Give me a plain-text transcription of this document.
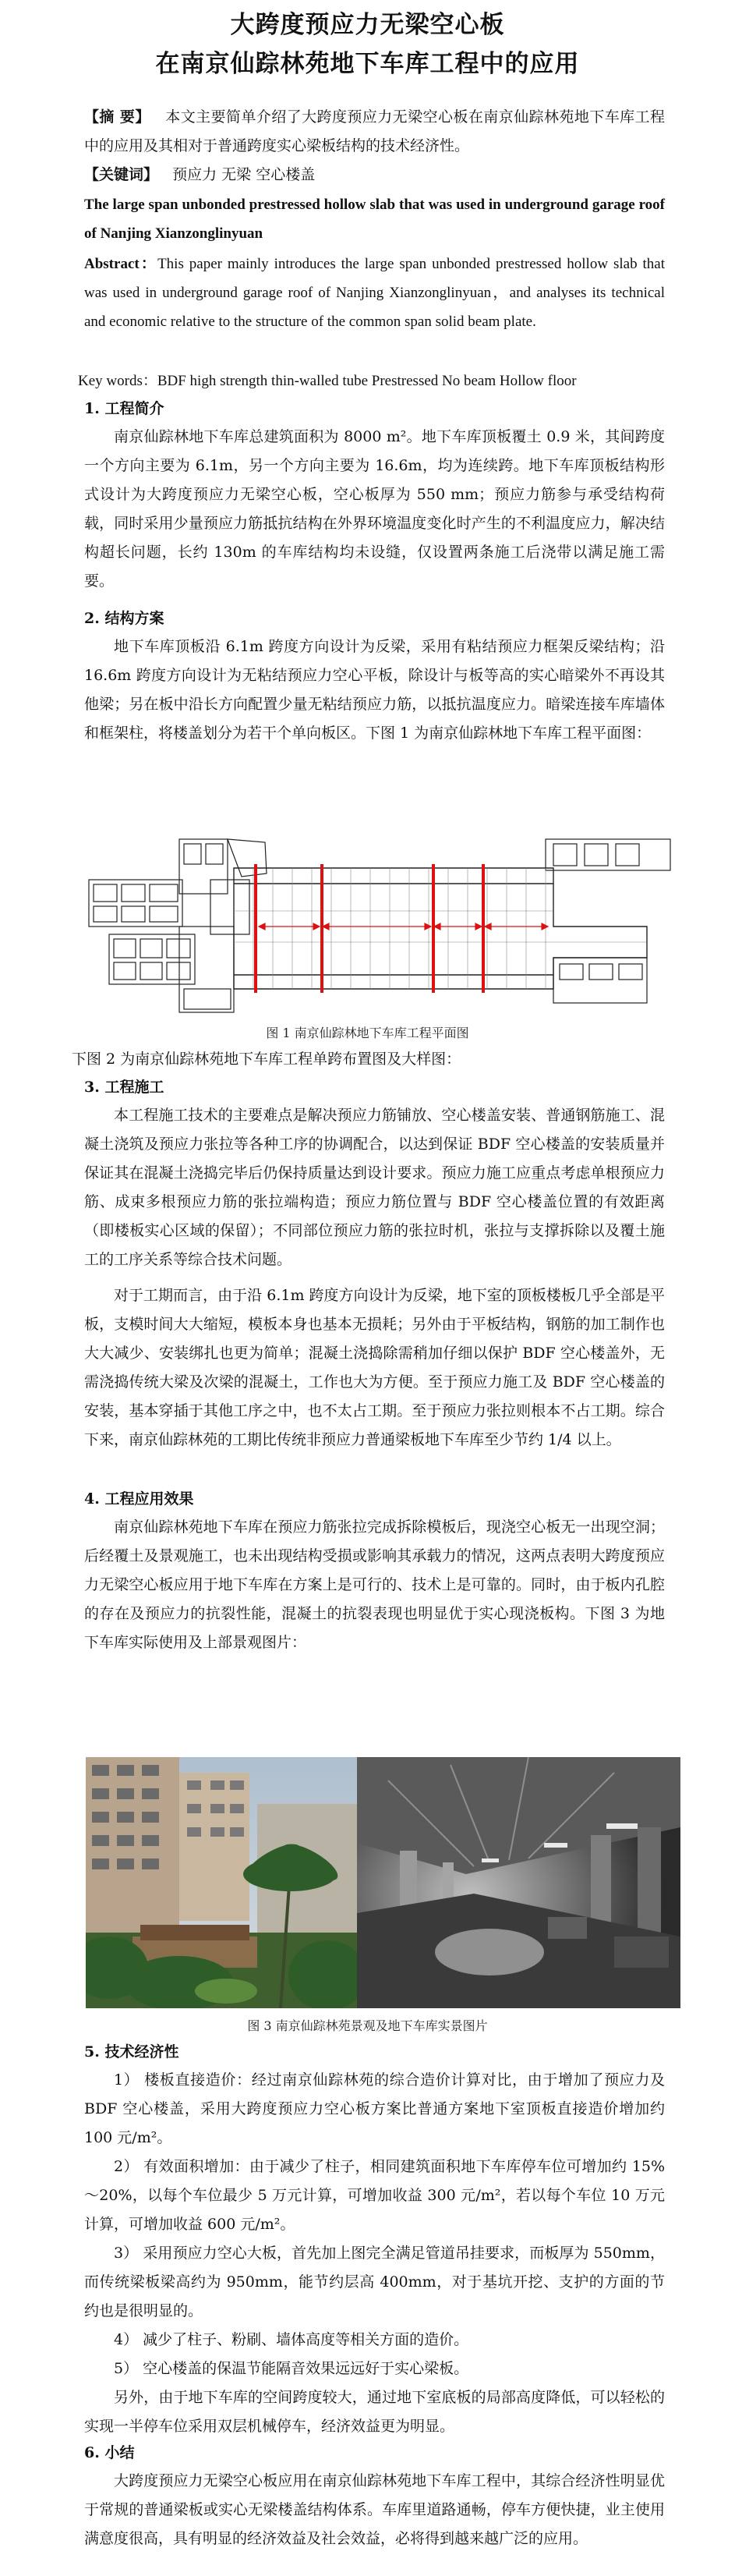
大跨度预应力无梁空心板
在南京仙踪林苑地下车库工程中的应用
【摘 要】 本文主要简单介绍了大跨度预应力无梁空心板在南京仙踪林苑地下车库工程中的应用及其相对于普通跨度实心梁板结构的技术经济性。
【关键词】 预应力 无梁 空心楼盖
The large span unbonded prestressed hollow slab that was used in underground garage roof of Nanjing Xianzonglinyuan
Abstract：This paper mainly introduces the large span unbonded prestressed hollow slab that was used in underground garage roof of Nanjing Xianzonglinyuan，and analyses its technical and economic relative to the structure of the common span solid beam plate.
Key words：BDF high strength thin-walled tube Prestressed No beam Hollow floor
1. 工程简介
南京仙踪林地下车库总建筑面积为 8000 m²。地下车库顶板覆土 0.9 米，其间跨度一个方向主要为 6.1m，另一个方向主要为 16.6m，均为连续跨。地下车库顶板结构形式设计为大跨度预应力无梁空心板，空心板厚为 550 mm；预应力筋参与承受结构荷载，同时采用少量预应力筋抵抗结构在外界环境温度变化时产生的不利温度应力，解决结构超长问题，长约 130m 的车库结构均未设缝，仅设置两条施工后浇带以满足施工需要。
2. 结构方案
地下车库顶板沿 6.1m 跨度方向设计为反梁，采用有粘结预应力框架反梁结构；沿 16.6m 跨度方向设计为无粘结预应力空心平板，除设计与板等高的实心暗梁外不再设其他梁；另在板中沿长方向配置少量无粘结预应力筋，以抵抗温度应力。暗梁连接车库墙体和框架柱，将楼盖划分为若干个单向板区。下图 1 为南京仙踪林地下车库工程平面图：
图 1 南京仙踪林地下车库工程平面图
下图 2 为南京仙踪林苑地下车库工程单跨布置图及大样图：
3. 工程施工
本工程施工技术的主要难点是解决预应力筋铺放、空心楼盖安装、普通钢筋施工、混凝土浇筑及预应力张拉等各种工序的协调配合，以达到保证 BDF 空心楼盖的安装质量并保证其在混凝土浇捣完毕后仍保持质量达到设计要求。预应力施工应重点考虑单根预应力筋、成束多根预应力筋的张拉端构造；预应力筋位置与 BDF 空心楼盖位置的有效距离（即楼板实心区域的保留）；不同部位预应力筋的张拉时机，张拉与支撑拆除以及覆土施工的工序关系等综合技术问题。
对于工期而言，由于沿 6.1m 跨度方向设计为反梁，地下室的顶板楼板几乎全部是平板，支模时间大大缩短，模板本身也基本无损耗；另外由于平板结构，钢筋的加工制作也大大减少、安装绑扎也更为简单；混凝土浇捣除需稍加仔细以保护 BDF 空心楼盖外，无需浇捣传统大梁及次梁的混凝土，工作也大为方便。至于预应力施工及 BDF 空心楼盖的安装，基本穿插于其他工序之中，也不太占工期。至于预应力张拉则根本不占工期。综合下来，南京仙踪林苑的工期比传统非预应力普通梁板地下车库至少节约 1/4 以上。
4. 工程应用效果
南京仙踪林苑地下车库在预应力筋张拉完成拆除模板后，现浇空心板无一出现空洞；后经覆土及景观施工，也未出现结构受损或影响其承载力的情况，这两点表明大跨度预应力无梁空心板应用于地下车库在方案上是可行的、技术上是可靠的。同时，由于板内孔腔的存在及预应力的抗裂性能，混凝土的抗裂表现也明显优于实心现浇板构。下图 3 为地下车库实际使用及上部景观图片：
图 3 南京仙踪林苑景观及地下车库实景图片
5. 技术经济性
1） 楼板直接造价：经过南京仙踪林苑的综合造价计算对比，由于增加了预应力及 BDF 空心楼盖，采用大跨度预应力空心板方案比普通方案地下室顶板直接造价增加约 100 元/m²。
2） 有效面积增加：由于减少了柱子，相同建筑面积地下车库停车位可增加约 15%～20%，以每个车位最少 5 万元计算，可增加收益 300 元/m²，若以每个车位 10 万元计算，可增加收益 600 元/m²。
3） 采用预应力空心大板，首先加上图完全满足管道吊挂要求，而板厚为 550mm，而传统梁板梁高约为 950mm，能节约层高 400mm，对于基坑开挖、支护的方面的节约也是很明显的。
4） 减少了柱子、粉刷、墙体高度等相关方面的造价。
5） 空心楼盖的保温节能隔音效果远远好于实心梁板。
另外，由于地下车库的空间跨度较大，通过地下室底板的局部高度降低，可以轻松的实现一半停车位采用双层机械停车，经济效益更为明显。
6. 小结
大跨度预应力无梁空心板应用在南京仙踪林苑地下车库工程中，其综合经济性明显优于常规的普通梁板或实心无梁楼盖结构体系。车库里道路通畅，停车方便快捷，业主使用满意度很高，具有明显的经济效益及社会效益，必将得到越来越广泛的应用。
